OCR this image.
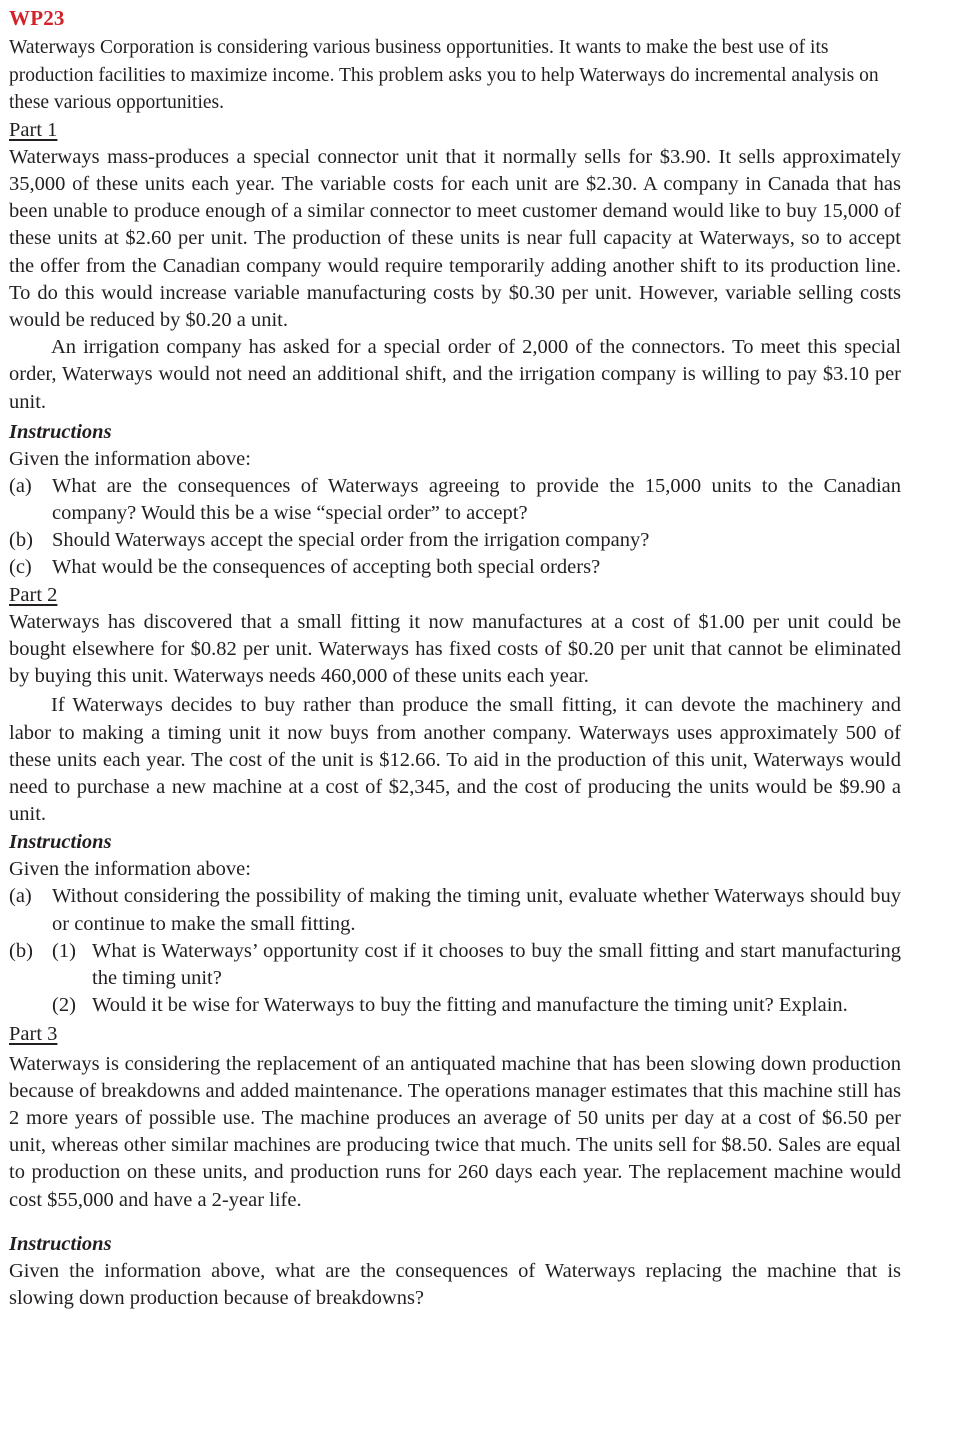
WP23

Waterways Corporation is considering various business opportunities. It wants to make the best use of its production facilities to maximize income. This problem asks you to help Waterways do incremental analysis on these various opportunities.

Part 1

Waterways mass-produces a special connector unit that it normally sells for $3.90. It sells approximately 35,000 of these units each year. The variable costs for each unit are $2.30. A company in Canada that has been unable to produce enough of a similar connector to meet customer demand would like to buy 15,000 of these units at $2.60 per unit. The production of these units is near full capacity at Waterways, so to accept the offer from the Canadian company would require temporarily adding another shift to its production line. To do this would increase variable manufacturing costs by $0.30 per unit. However, variable selling costs would be reduced by $0.20 a unit.

An irrigation company has asked for a special order of 2,000 of the connectors. To meet this special order, Waterways would not need an additional shift, and the irrigation company is willing to pay $3.10 per unit.

Instructions
Given the information above:
(a) What are the consequences of Waterways agreeing to provide the 15,000 units to the Canadian company? Would this be a wise “special order” to accept?
(b) Should Waterways accept the special order from the irrigation company?
(c) What would be the consequences of accepting both special orders?
Part 2

Waterways has discovered that a small fitting it now manufactures at a cost of $1.00 per unit could be bought elsewhere for $0.82 per unit. Waterways has fixed costs of $0.20 per unit that cannot be eliminated by buying this unit. Waterways needs 460,000 of these units each year.

If Waterways decides to buy rather than produce the small fitting, it can devote the machinery and labor to making a timing unit it now buys from another company. Waterways uses approximately 500 of these units each year. The cost of the unit is $12.66. To aid in the production of this unit, Waterways would need to purchase a new machine at a cost of $2,345, and the cost of producing the units would be $9.90 a unit.

Instructions
Given the information above:
(a) Without considering the possibility of making the timing unit, evaluate whether Waterways should buy or continue to make the small fitting.
(b) (1) What is Waterways’ opportunity cost if it chooses to buy the small fitting and start manufacturing the timing unit?
(2) Would it be wise for Waterways to buy the fitting and manufacture the timing unit? Explain.
Part 3

Waterways is considering the replacement of an antiquated machine that has been slowing down production because of breakdowns and added maintenance. The operations manager estimates that this machine still has 2 more years of possible use. The machine produces an average of 50 units per day at a cost of $6.50 per unit, whereas other similar machines are producing twice that much. The units sell for $8.50. Sales are equal to production on these units, and production runs for 260 days each year. The replacement machine would cost $55,000 and have a 2-year life.

Instructions

Given the information above, what are the consequences of Waterways replacing the machine that is slowing down production because of breakdowns?
